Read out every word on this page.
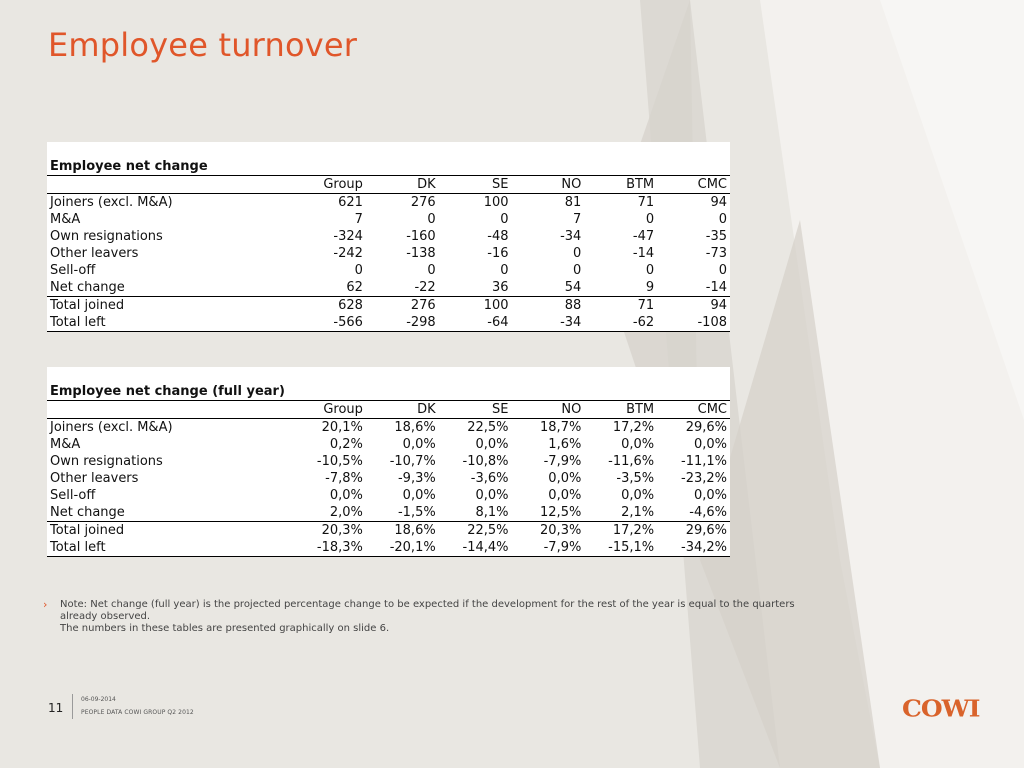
Employee turnover

Employee net change						
	Group	DK	SE	NO	BTM	CMC
Joiners (excl. M&A)	621	276	100	81	71	94
M&A	7	0	0	7	0	0
Own resignations	-324	-160	-48	-34	-47	-35
Other leavers	-242	-138	-16	0	-14	-73
Sell-off	0	0	0	0	0	0
Net change	62	-22	36	54	9	-14
Total joined	628	276	100	88	71	94
Total left	-566	-298	-64	-34	-62	-108

Employee net change (full year)						
	Group	DK	SE	NO	BTM	CMC
Joiners (excl. M&A)	20,1%	18,6%	22,5%	18,7%	17,2%	29,6%
M&A	0,2%	0,0%	0,0%	1,6%	0,0%	0,0%
Own resignations	-10,5%	-10,7%	-10,8%	-7,9%	-11,6%	-11,1%
Other leavers	-7,8%	-9,3%	-3,6%	0,0%	-3,5%	-23,2%
Sell-off	0,0%	0,0%	0,0%	0,0%	0,0%	0,0%
Net change	2,0%	-1,5%	8,1%	12,5%	2,1%	-4,6%
Total joined	20,3%	18,6%	22,5%	20,3%	17,2%	29,6%
Total left	-18,3%	-20,1%	-14,4%	-7,9%	-15,1%	-34,2%
› Note: Net change (full year) is the projected percentage change to be expected if the development for the rest of the year is equal to the quarters already observed.
The numbers in these tables are presented graphically on slide 6.
11
06-09-2014
PEOPLE DATA COWI GROUP Q2 2012	COWI
